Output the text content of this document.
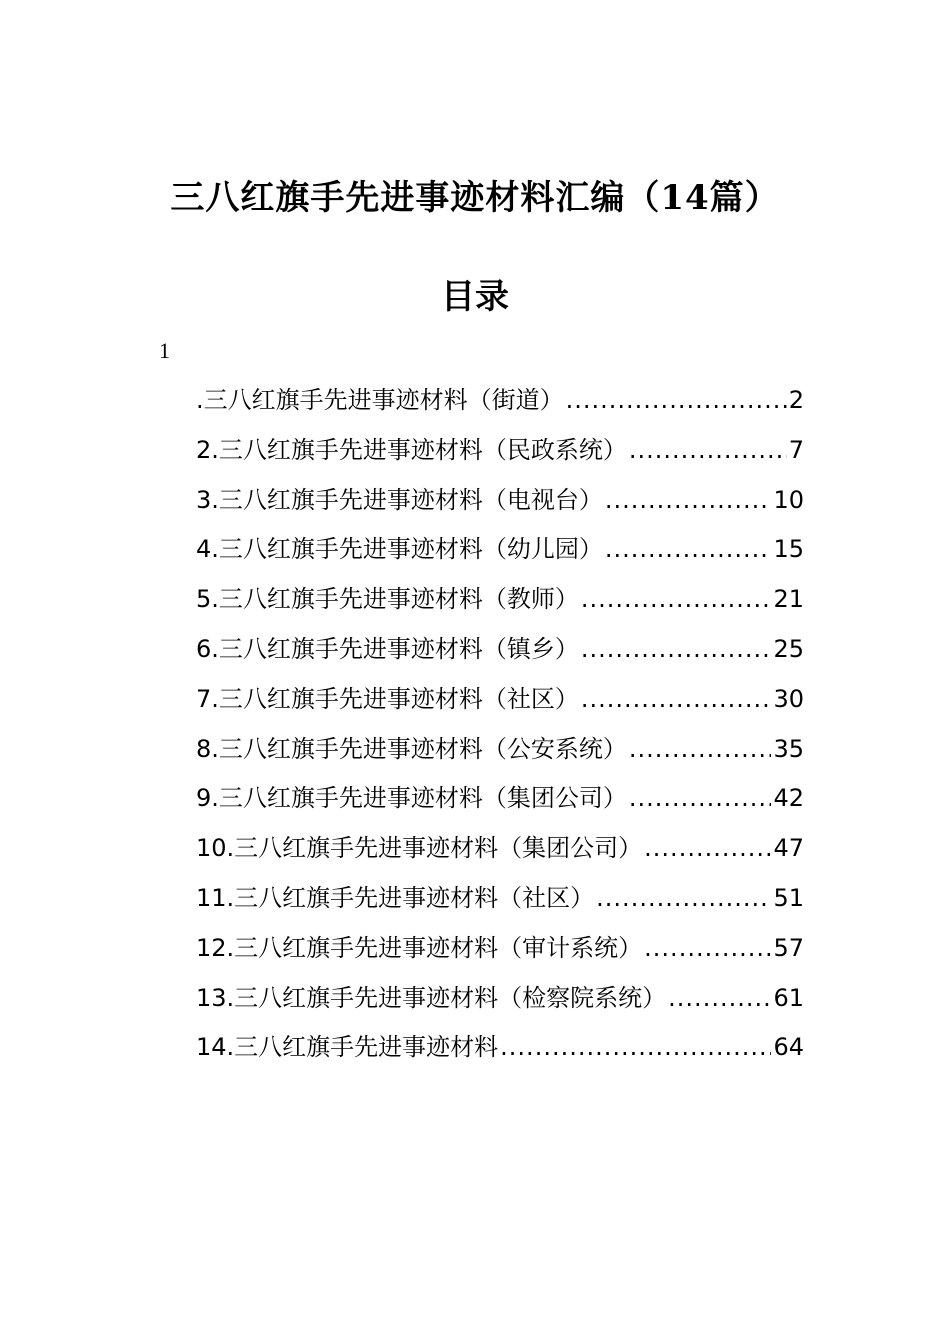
三八红旗手先进事迹材料汇编（14篇）
目录
1
.三八红旗手先进事迹材料（街道） .....	2
2.三八红旗手先进事迹材料（民政系统） .....	7
3.三八红旗手先进事迹材料（电视台） .....	10
4.三八红旗手先进事迹材料（幼儿园） .....	15
5.三八红旗手先进事迹材料（教师） .....	21
6.三八红旗手先进事迹材料（镇乡） .....	25
7.三八红旗手先进事迹材料（社区） .....	30
8.三八红旗手先进事迹材料（公安系统） .....	35
9.三八红旗手先进事迹材料（集团公司） .....	42
10.三八红旗手先进事迹材料（集团公司） .....	47
11.三八红旗手先进事迹材料（社区） .....	51
12.三八红旗手先进事迹材料（审计系统） .....	57
13.三八红旗手先进事迹材料（检察院系统） .....	61
14.三八红旗手先进事迹材料 .....	64
